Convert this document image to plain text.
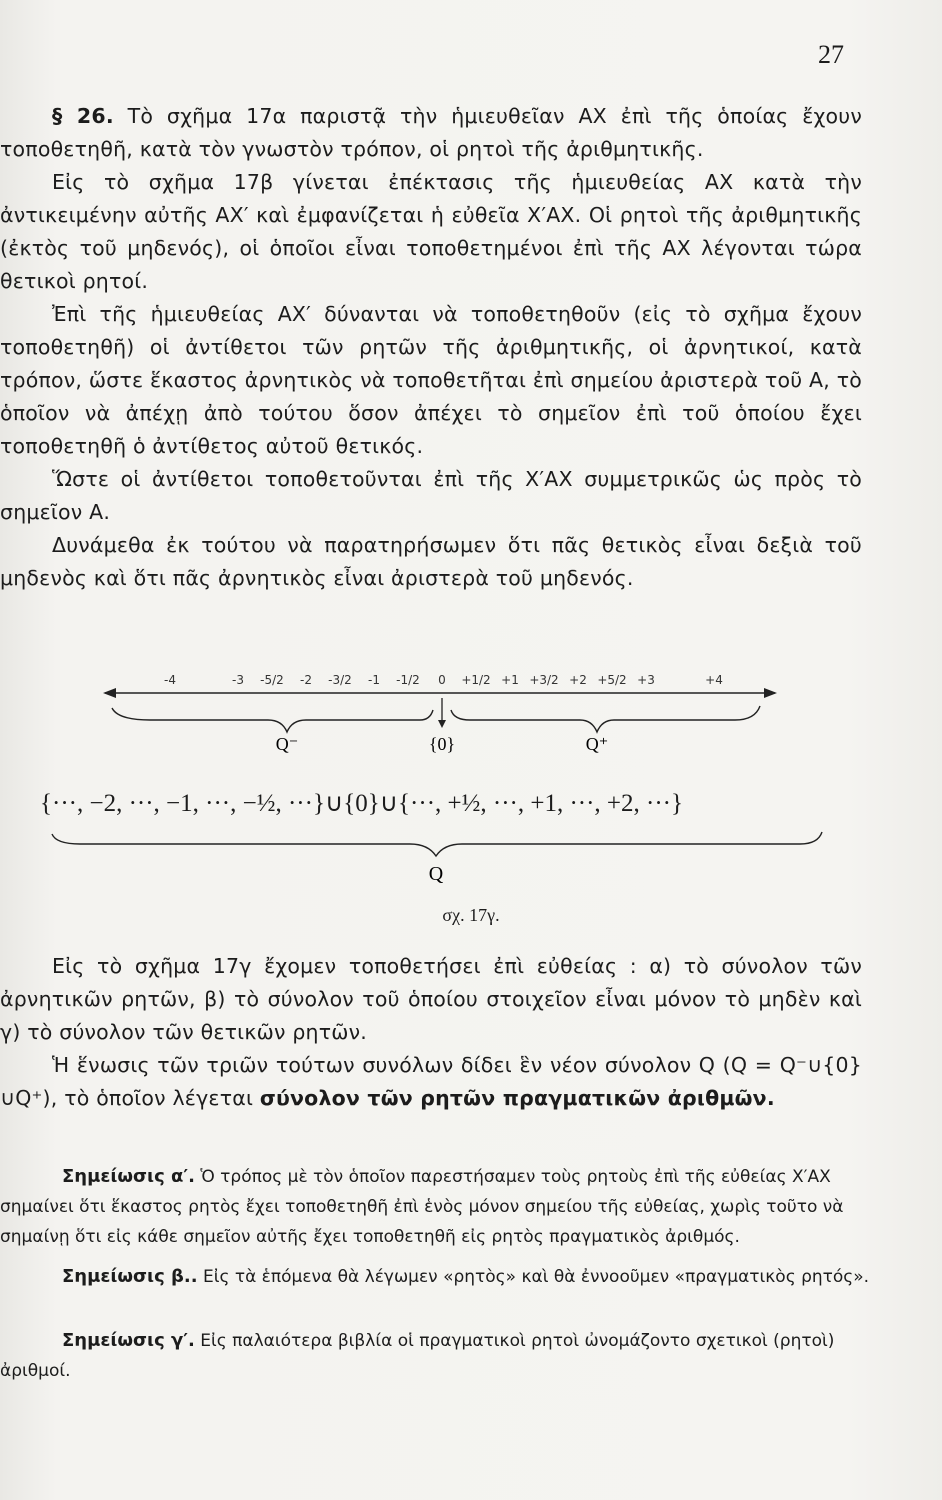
27

§ 26. Τὸ σχῆμα 17α παριστᾷ τὴν ἡμιευθεῖαν ΑΧ ἐπὶ τῆς ὁποίας ἔχουν τοποθετηθῆ, κατὰ τὸν γνωστὸν τρόπον, οἱ ρητοὶ τῆς ἀριθμητικῆς.

Εἰς τὸ σχῆμα 17β γίνεται ἐπέκτασις τῆς ἡμιευθείας ΑΧ κατὰ τὴν ἀντικειμένην αὐτῆς ΑΧ′ καὶ ἐμφανίζεται ἡ εὐθεῖα Χ′ΑΧ. Οἱ ρητοὶ τῆς ἀριθμητικῆς (ἐκτὸς τοῦ μηδενός), οἱ ὁποῖοι εἶναι τοποθετημένοι ἐπὶ τῆς ΑΧ λέγονται τώρα θετικοὶ ρητοί.

Ἐπὶ τῆς ἡμιευθείας ΑΧ′ δύνανται νὰ τοποθετηθοῦν (εἰς τὸ σχῆμα ἔχουν τοποθετηθῆ) οἱ ἀντίθετοι τῶν ρητῶν τῆς ἀριθμητικῆς, οἱ ἀρνητικοί, κατὰ τρόπον, ὥστε ἕκαστος ἀρνητικὸς νὰ τοποθετῆται ἐπὶ σημείου ἀριστερὰ τοῦ Α, τὸ ὁποῖον νὰ ἀπέχῃ ἀπὸ τούτου ὅσον ἀπέχει τὸ σημεῖον ἐπὶ τοῦ ὁποίου ἔχει τοποθετηθῆ ὁ ἀντίθετος αὐτοῦ θετικός.

Ὥστε οἱ ἀντίθετοι τοποθετοῦνται ἐπὶ τῆς Χ′ΑΧ συμμετρικῶς ὡς πρὸς τὸ σημεῖον Α.

Δυνάμεθα ἐκ τούτου νὰ παρατηρήσωμεν ὅτι πᾶς θετικὸς εἶναι δεξιὰ τοῦ μηδενὸς καὶ ὅτι πᾶς ἀρνητικὸς εἶναι ἀριστερὰ τοῦ μηδενός.

-4	-3 -5/2 -2 -3/2 -1 -1/2 0 +1/2 +1 +3/2 +2 +5/2 +3	+4
Q⁻	{0}	Q⁺
{···, −2, ···, −1, ···, −½, ···}∪{0}∪{···, +½, ···, +1, ···, +2, ···}
Q
σχ. 17γ.

Εἰς τὸ σχῆμα 17γ ἔχομεν τοποθετήσει ἐπὶ εὐθείας : α) τὸ σύνολον τῶν ἀρνητικῶν ρητῶν, β) τὸ σύνολον τοῦ ὁποίου στοιχεῖον εἶναι μόνον τὸ μηδὲν καὶ γ) τὸ σύνολον τῶν θετικῶν ρητῶν.

Ἡ ἕνωσις τῶν τριῶν τούτων συνόλων δίδει ἓν νέον σύνολον Q (Q = Q⁻∪{0}∪Q⁺), τὸ ὁποῖον λέγεται σύνολον τῶν ρητῶν πραγματικῶν ἀριθμῶν.

Σημείωσις α′. Ὁ τρόπος μὲ τὸν ὁποῖον παρεστήσαμεν τοὺς ρητοὺς ἐπὶ τῆς εὐθείας Χ′ΑΧ σημαίνει ὅτι ἕκαστος ρητὸς ἔχει τοποθετηθῆ ἐπὶ ἑνὸς μόνον σημείου τῆς εὐθείας, χωρὶς τοῦτο νὰ σημαίνῃ ὅτι εἰς κάθε σημεῖον αὐτῆς ἔχει τοποθετηθῆ εἰς ρητὸς πραγματικὸς ἀριθμός.

Σημείωσις β.. Εἰς τὰ ἑπόμενα θὰ λέγωμεν «ρητὸς» καὶ θὰ ἐννοοῦμεν «πραγματικὸς ρητός».

Σημείωσις γ′. Εἰς παλαιότερα βιβλία οἱ πραγματικοὶ ρητοὶ ὠνομάζοντο σχετικοὶ (ρητοὶ) ἀριθμοί.
